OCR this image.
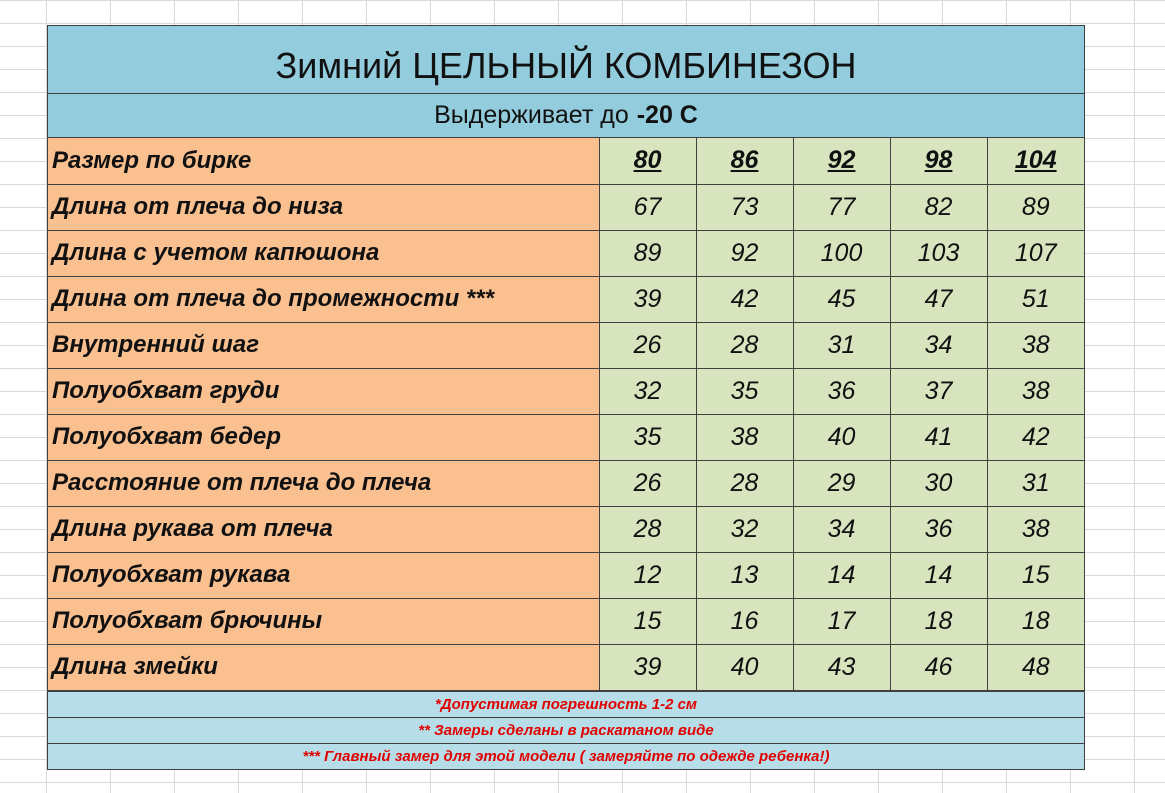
Зимний ЦЕЛЬНЫЙ КОМБИНЕЗОН
Выдерживает до -20 С
Размер по бирке	80	86	92	98	104
Длина от плеча до низа	67	73	77	82	89
Длина с учетом капюшона	89	92	100	103	107
Длина от плеча до промежности ***	39	42	45	47	51
Внутренний шаг	26	28	31	34	38
Полуобхват груди	32	35	36	37	38
Полуобхват бедер	35	38	40	41	42
Расстояние от плеча до плеча	26	28	29	30	31
Длина рукава от плеча	28	32	34	36	38
Полуобхват рукава	12	13	14	14	15
Полуобхват брючины	15	16	17	18	18
Длина змейки	39	40	43	46	48
*Допустимая погрешность 1-2 см
** Замеры сделаны в раскатаном виде
*** Главный замер для этой модели ( замеряйте по одежде ребенка!)
